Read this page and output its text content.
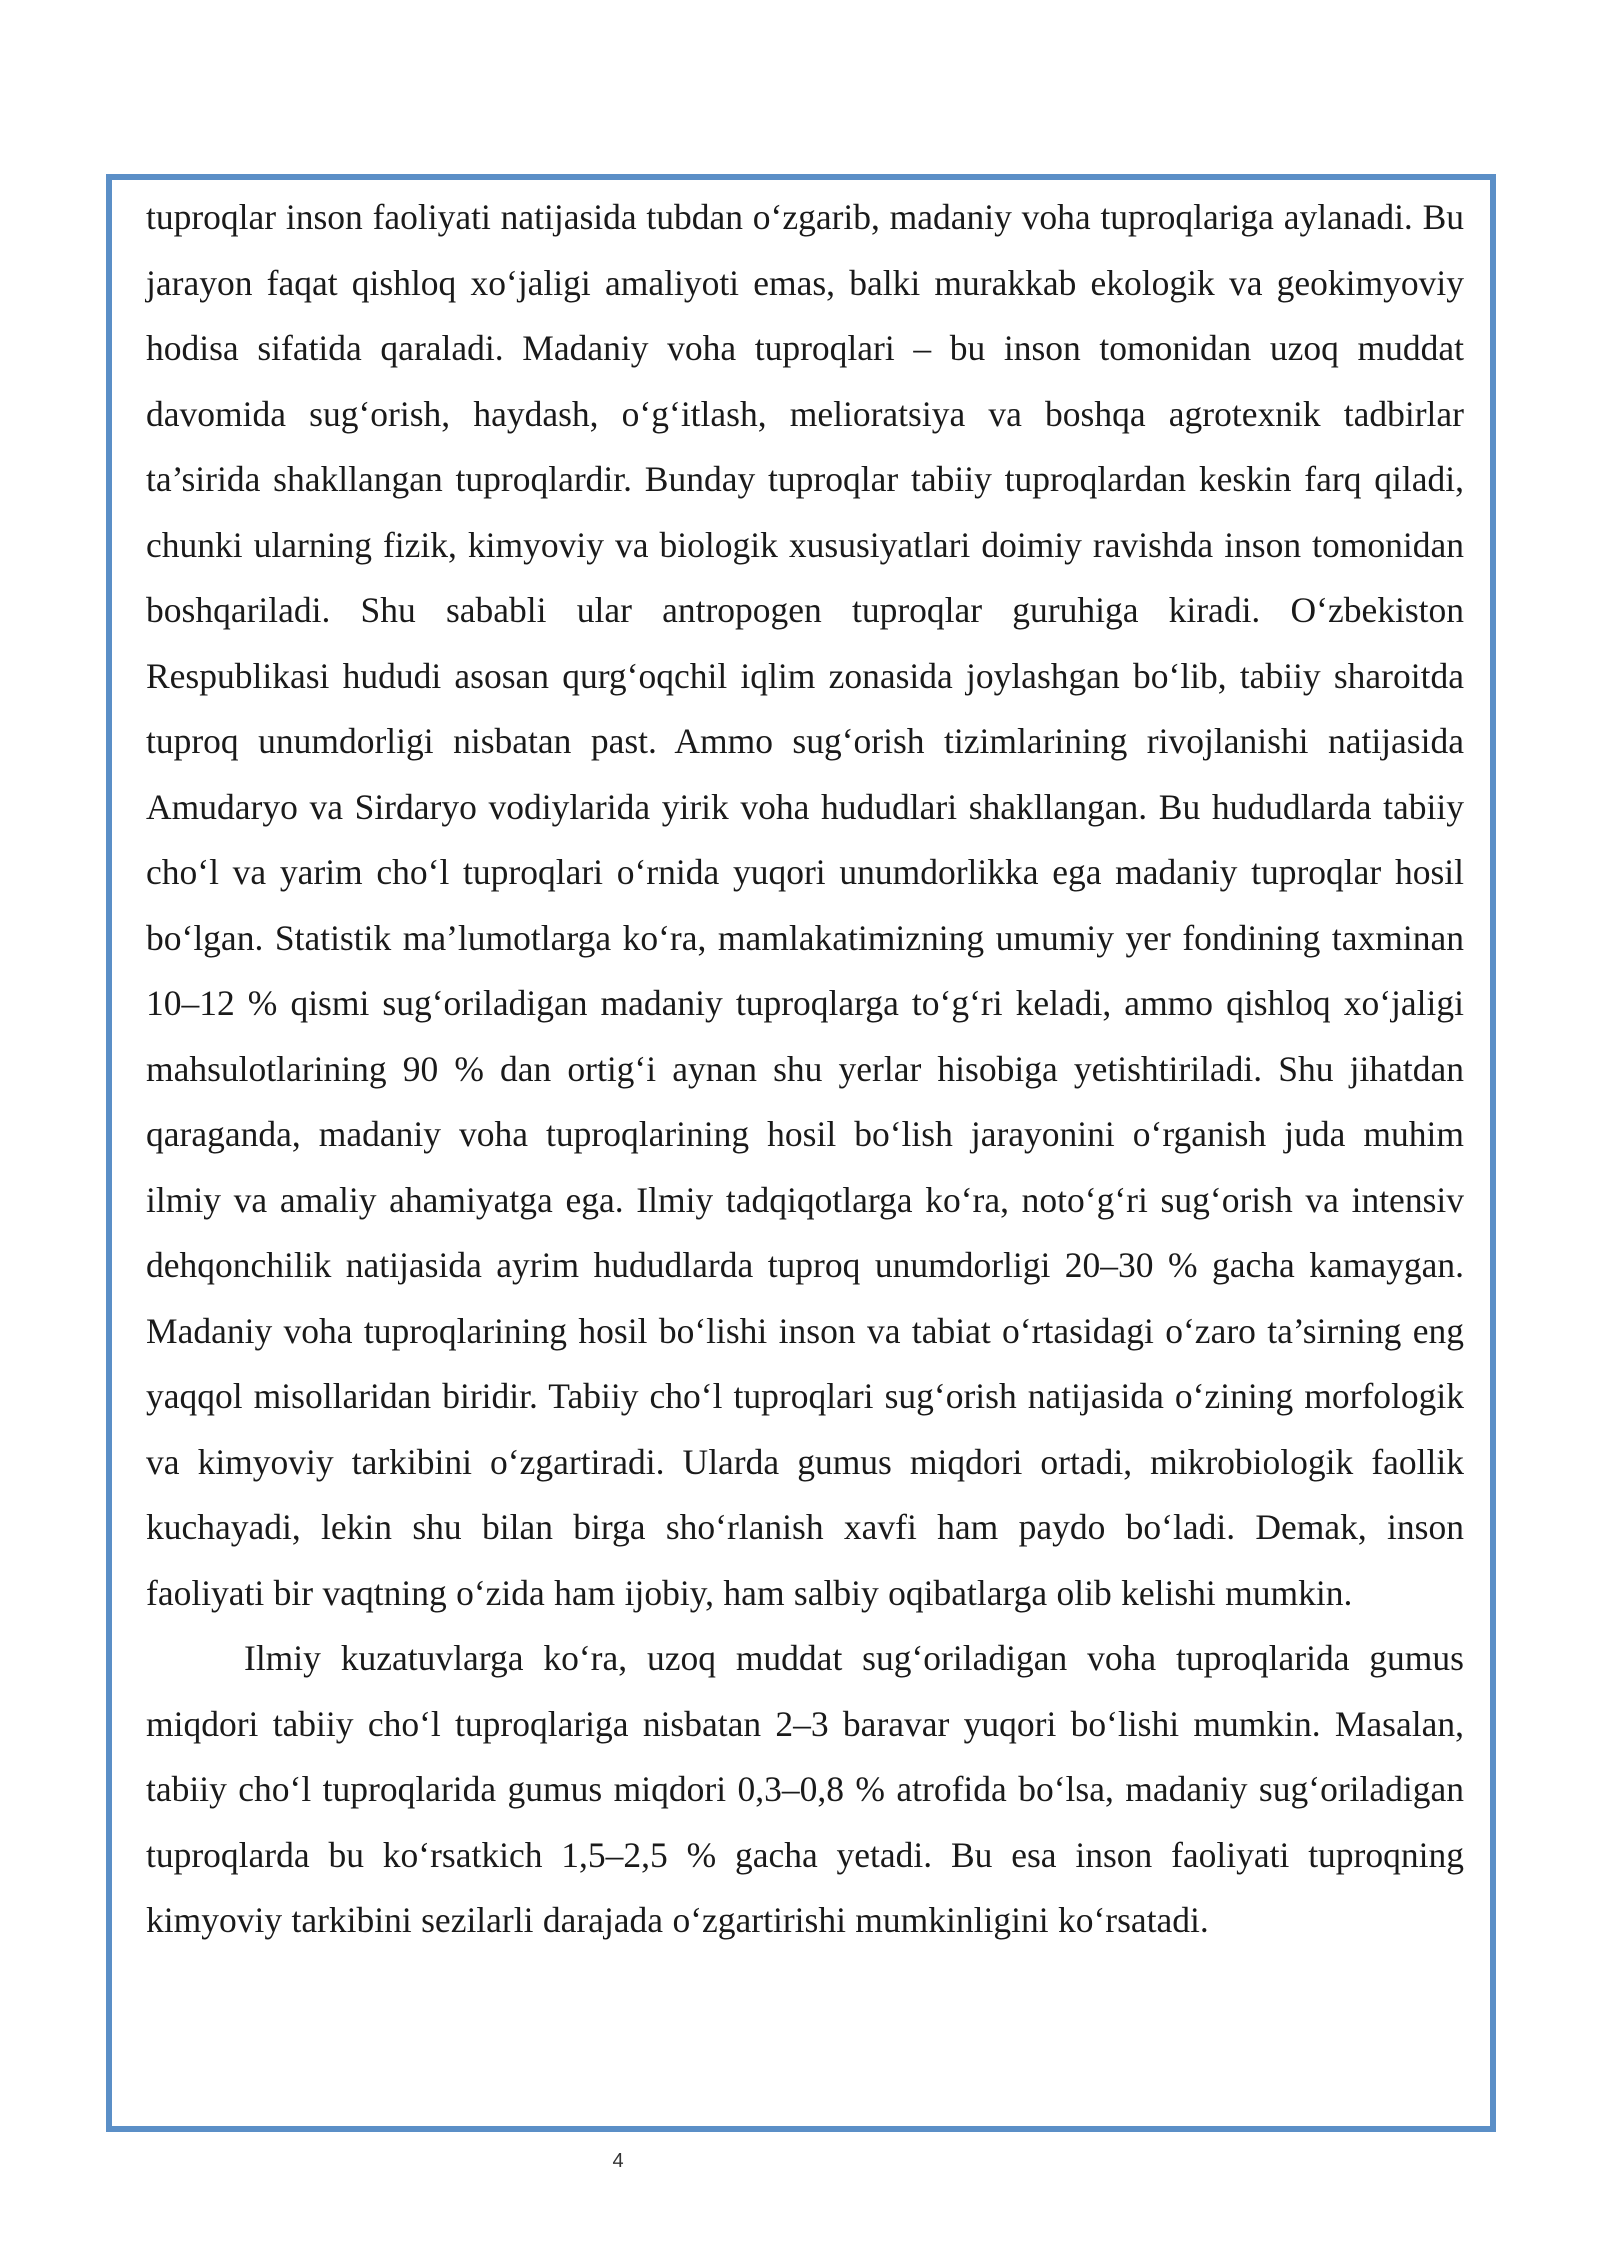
tuproqlar inson faoliyati natijasida tubdan o‘zgarib, madaniy voha tuproqlariga aylanadi. Bu jarayon faqat qishloq xo‘jaligi amaliyoti emas, balki murakkab ekologik va geokimyoviy hodisa sifatida qaraladi. Madaniy voha tuproqlari – bu inson tomonidan uzoq muddat davomida sug‘orish, haydash, o‘g‘itlash, melioratsiya va boshqa agrotexnik tadbirlar ta’sirida shakllangan tuproqlardir. Bunday tuproqlar tabiiy tuproqlardan keskin farq qiladi, chunki ularning fizik, kimyoviy va biologik xususiyatlari doimiy ravishda inson tomonidan boshqariladi. Shu sababli ular antropogen tuproqlar guruhiga kiradi. O‘zbekiston Respublikasi hududi asosan qurg‘oqchil iqlim zonasida joylashgan bo‘lib, tabiiy sharoitda tuproq unumdorligi nisbatan past. Ammo sug‘orish tizimlarining rivojlanishi natijasida Amudaryo va Sirdaryo vodiylarida yirik voha hududlari shakllangan. Bu hududlarda tabiiy cho‘l va yarim cho‘l tuproqlari o‘rnida yuqori unumdorlikka ega madaniy tuproqlar hosil bo‘lgan. Statistik ma’lumotlarga ko‘ra, mamlakatimizning umumiy yer fondining taxminan 10–12 % qismi sug‘oriladigan madaniy tuproqlarga to‘g‘ri keladi, ammo qishloq xo‘jaligi mahsulotlarining 90 % dan ortig‘i aynan shu yerlar hisobiga yetishtiriladi. Shu jihatdan qaraganda, madaniy voha tuproqlarining hosil bo‘lish jarayonini o‘rganish juda muhim ilmiy va amaliy ahamiyatga ega. Ilmiy tadqiqotlarga ko‘ra, noto‘g‘ri sug‘orish va intensiv dehqonchilik natijasida ayrim hududlarda tuproq unumdorligi 20–30 % gacha kamaygan. Madaniy voha tuproqlarining hosil bo‘lishi inson va tabiat o‘rtasidagi o‘zaro ta’sirning eng yaqqol misollaridan biridir. Tabiiy cho‘l tuproqlari sug‘orish natijasida o‘zining morfologik va kimyoviy tarkibini o‘zgartiradi. Ularda gumus miqdori ortadi, mikrobiologik faollik kuchayadi, lekin shu bilan birga sho‘rlanish xavfi ham paydo bo‘ladi. Demak, inson faoliyati bir vaqtning o‘zida ham ijobiy, ham salbiy oqibatlarga olib kelishi mumkin.

Ilmiy kuzatuvlarga ko‘ra, uzoq muddat sug‘oriladigan voha tuproqlarida gumus miqdori tabiiy cho‘l tuproqlariga nisbatan 2–3 baravar yuqori bo‘lishi mumkin. Masalan, tabiiy cho‘l tuproqlarida gumus miqdori 0,3–0,8 % atrofida bo‘lsa, madaniy sug‘oriladigan tuproqlarda bu ko‘rsatkich 1,5–2,5 % gacha yetadi. Bu esa inson faoliyati tuproqning kimyoviy tarkibini sezilarli darajada o‘zgartirishi mumkinligini ko‘rsatadi.

4
